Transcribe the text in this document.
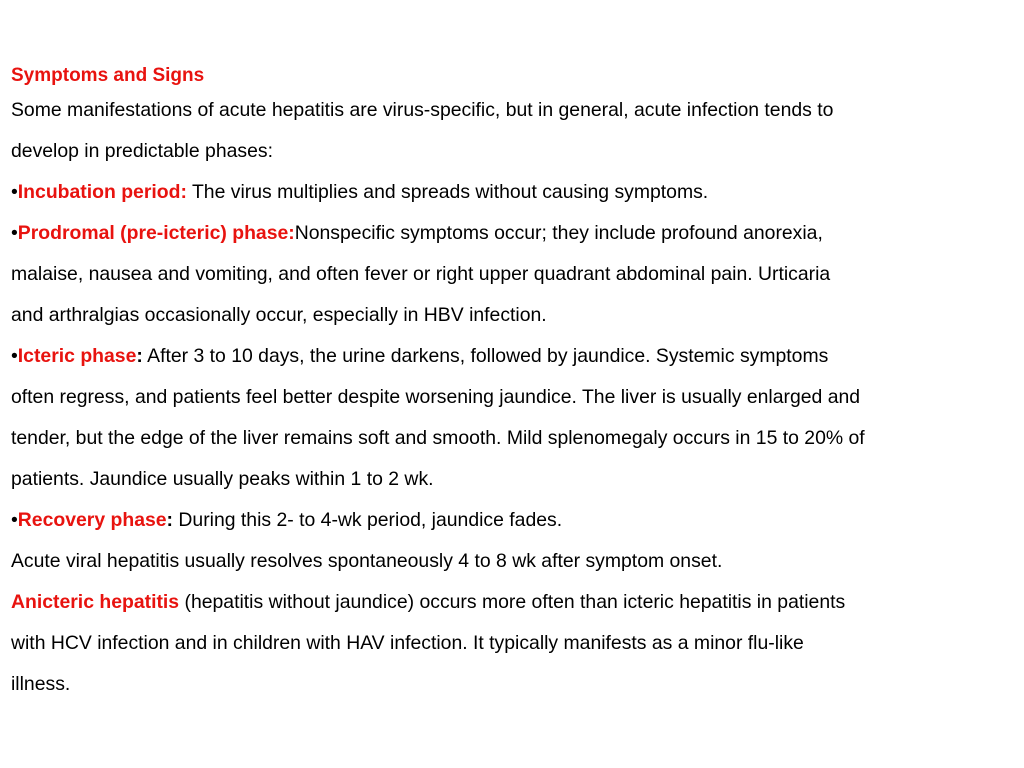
Symptoms and Signs
Some manifestations of acute hepatitis are virus-specific, but in general, acute infection tends to
develop in predictable phases:
•Incubation period: The virus multiplies and spreads without causing symptoms.
•Prodromal (pre-icteric) phase:Nonspecific symptoms occur; they include profound anorexia,
malaise, nausea and vomiting, and often fever or right upper quadrant abdominal pain. Urticaria
and arthralgias occasionally occur, especially in HBV infection.
•Icteric phase: After 3 to 10 days, the urine darkens, followed by jaundice. Systemic symptoms
often regress, and patients feel better despite worsening jaundice. The liver is usually enlarged and
tender, but the edge of the liver remains soft and smooth. Mild splenomegaly occurs in 15 to 20% of
patients. Jaundice usually peaks within 1 to 2 wk.
•Recovery phase: During this 2- to 4-wk period, jaundice fades.
Acute viral hepatitis usually resolves spontaneously 4 to 8 wk after symptom onset.
Anicteric hepatitis (hepatitis without jaundice) occurs more often than icteric hepatitis in patients
with HCV infection and in children with HAV infection. It typically manifests as a minor flu-like
illness.
